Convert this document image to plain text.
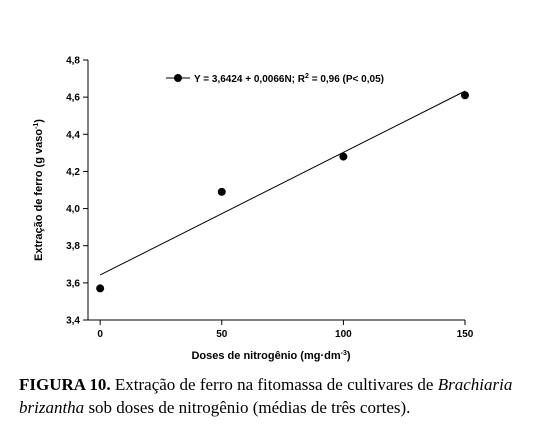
3,4
3,6
3,8
4,0
4,2
4,4
4,6
4,8
0	50	100	150
Y = 3,6424 + 0,0066N; $R^2 = 0,96$ (P< 0,05)
Extração de ferro (g vaso$^{-1}$)
Doses de nitrogênio $(mg\cdot dm^{-3})$
FIGURA 10. Extração de ferro na fitomassa de cultivares de Brachiaria brizantha sob doses de nitrogênio (médias de três cortes).
